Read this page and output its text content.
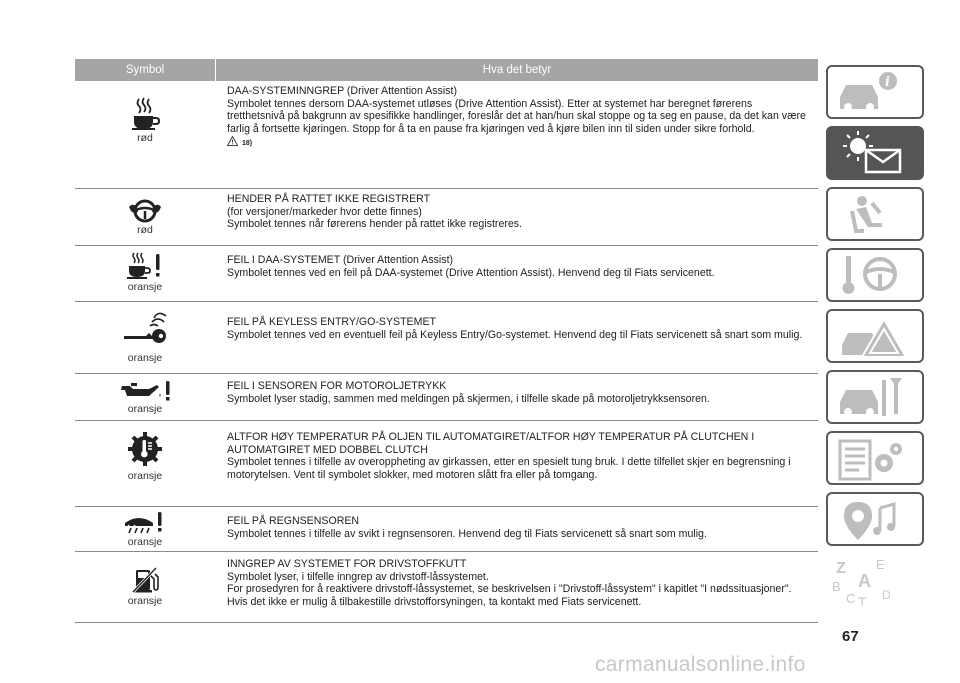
Symbol	Hva det betyr
rød
DAA-SYSTEMINNGREP (Driver Attention Assist)
Symbolet tennes dersom DAA-systemet utløses (Drive Attention Assist). Etter at systemet har beregnet førerens tretthetsnivå på bakgrunn av spesifikke handlinger, foreslår det at han/hun skal stoppe og ta seg en pause, da det kan være farlig å fortsette kjøringen. Stopp for å ta en pause fra kjøringen ved å kjøre bilen inn til siden under sikre forhold.
18)
rød
HENDER PÅ RATTET IKKE REGISTRERT
(for versjoner/markeder hvor dette finnes)
Symbolet tennes når førerens hender på rattet ikke registreres.
oransje
FEIL I DAA-SYSTEMET (Driver Attention Assist)
Symbolet tennes ved en feil på DAA-systemet (Drive Attention Assist). Henvend deg til Fiats servicenett.
oransje
FEIL PÅ KEYLESS ENTRY/GO-SYSTEMET
Symbolet tennes ved en eventuell feil på Keyless Entry/Go-systemet. Henvend deg til Fiats servicenett så snart som mulig.
oransje
FEIL I SENSOREN FOR MOTOROLJETRYKK
Symbolet lyser stadig, sammen med meldingen på skjermen, i tilfelle skade på motoroljetrykksensoren.
oransje
ALTFOR HØY TEMPERATUR PÅ OLJEN TIL AUTOMATGIRET/ALTFOR HØY TEMPERATUR PÅ CLUTCHEN I AUTOMATGIRET MED DOBBEL CLUTCH
Symbolet tennes i tilfelle av overoppheting av girkassen, etter en spesielt tung bruk. I dette tilfellet skjer en begrensning i motorytelsen. Vent til symbolet slokker, med motoren slått fra eller på tomgang.
oransje
FEIL PÅ REGNSENSOREN
Symbolet tennes i tilfelle av svikt i regnsensoren. Henvend deg til Fiats servicenett så snart som mulig.
oransje
INNGREP AV SYSTEMET FOR DRIVSTOFFKUTT
Symbolet lyser, i tilfelle inngrep av drivstoff-låssystemet.
For prosedyren for å reaktivere drivstoff-låssystemet, se beskrivelsen i "Drivstoff-låssystem" i kapitlet "I nødssituasjoner". Hvis det ikke er mulig å tilbakestille drivstofforsyningen, ta kontakt med Fiats servicenett.
i
Z E
A
B
C T D
67
carmanualsonline.info
